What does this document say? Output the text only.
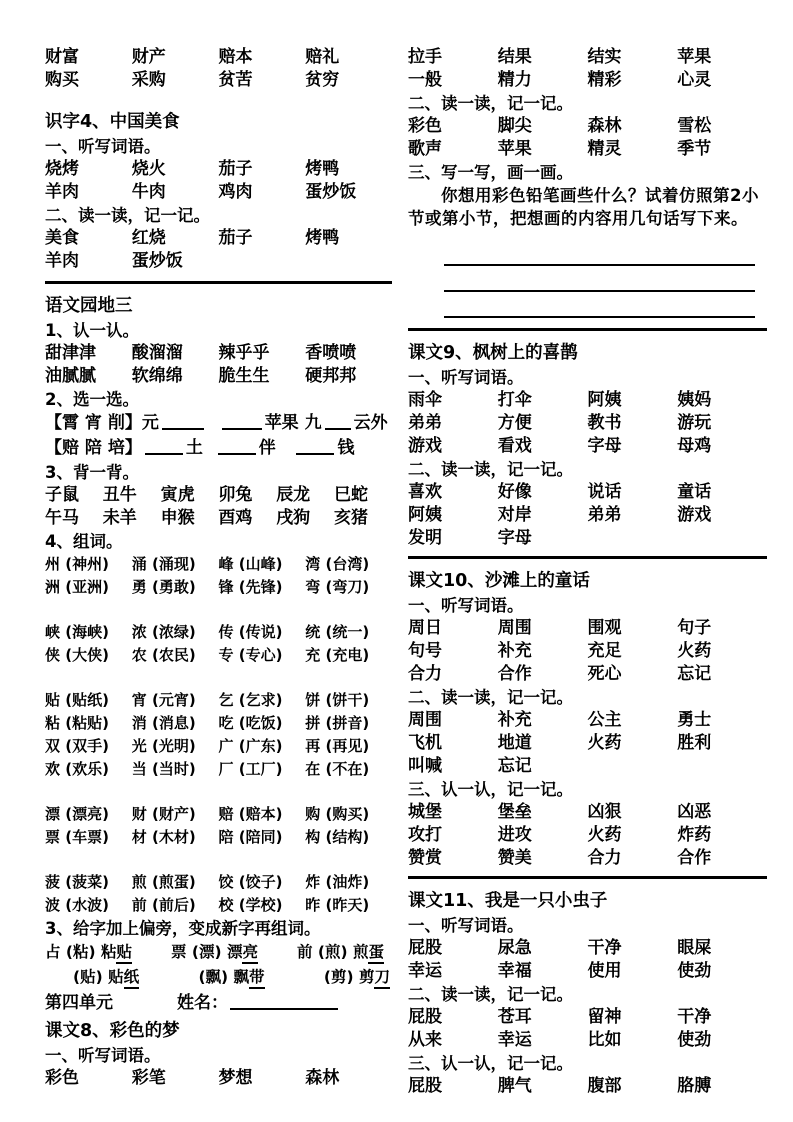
财富	财产	赔本	赔礼
购买	采购	贫苦	贫穷
识字4、中国美食
一、听写词语。
烧烤	烧火	茄子	烤鸭
羊肉	牛肉	鸡肉	蛋炒饭
二、读一读，记一记。
美食	红烧	茄子	烤鸭
羊肉	蛋炒饭
语文园地三
1、认一认。
甜津津	酸溜溜	辣乎乎	香喷喷
油腻腻	软绵绵	脆生生	硬邦邦
2、选一选。
【霄 宵 削】元	苹果 九 云外
【赔 陪 培】	土	伴	钱
3、背一背。
子鼠	丑牛	寅虎	卯兔	辰龙	巳蛇
午马	未羊	申猴	酉鸡	戌狗	亥猪
4、组词。
州 (神州)	涌 (涌现)	峰 (山峰)	湾 (台湾)
洲 (亚洲)	勇 (勇敢)	锋 (先锋)	弯 (弯刀)
峡 (海峡)	浓 (浓绿)	传 (传说)	统 (统一)
侠 (大侠)	农 (农民)	专 (专心)	充 (充电)
贴 (贴纸)	宵 (元宵)	乞 (乞求)	饼 (饼干)
粘 (粘贴)	消 (消息)	吃 (吃饭)	拼 (拼音)
双 (双手)	光 (光明)	广 (广东)	再 (再见)
欢 (欢乐)	当 (当时)	厂 (工厂)	在 (不在)
漂 (漂亮)	财 (财产)	赔 (赔本)	购 (购买)
票 (车票)	材 (木材)	陪 (陪同)	构 (结构)
菠 (菠菜)	煎 (煎蛋)	饺 (饺子)	炸 (油炸)
波 (水波)	前 (前后)	校 (学校)	昨 (昨天)
3、给字加上偏旁，变成新字再组词。
占 (粘) 粘贴	票 (漂) 漂亮	前 (煎) 煎蛋
(贴) 贴纸	(飘) 飘带	(剪) 剪刀
第四单元	姓名：
课文8、彩色的梦
一、听写词语。
彩色	彩笔	梦想	森林
拉手	结果	结实	苹果
一般	精力	精彩	心灵
二、读一读，记一记。
彩色	脚尖	森林	雪松
歌声	苹果	精灵	季节
三、写一写，画一画。
你想用彩色铅笔画些什么？试着仿照第2小节或第小节，把想画的内容用几句话写下来。
课文9、枫树上的喜鹊
一、听写词语。
雨伞	打伞	阿姨	姨妈
弟弟	方便	教书	游玩
游戏	看戏	字母	母鸡
二、读一读，记一记。
喜欢	好像	说话	童话
阿姨	对岸	弟弟	游戏
发明	字母
课文10、沙滩上的童话
一、听写词语。
周日	周围	围观	句子
句号	补充	充足	火药
合力	合作	死心	忘记
二、读一读，记一记。
周围	补充	公主	勇士
飞机	地道	火药	胜利
叫喊	忘记
三、认一认，记一记。
城堡	堡垒	凶狠	凶恶
攻打	进攻	火药	炸药
赞赏	赞美	合力	合作
课文11、我是一只小虫子
一、听写词语。
屁股	尿急	干净	眼屎
幸运	幸福	使用	使劲
二、读一读，记一记。
屁股	苍耳	留神	干净
从来	幸运	比如	使劲
三、认一认，记一记。
屁股	脾气	腹部	胳膊
